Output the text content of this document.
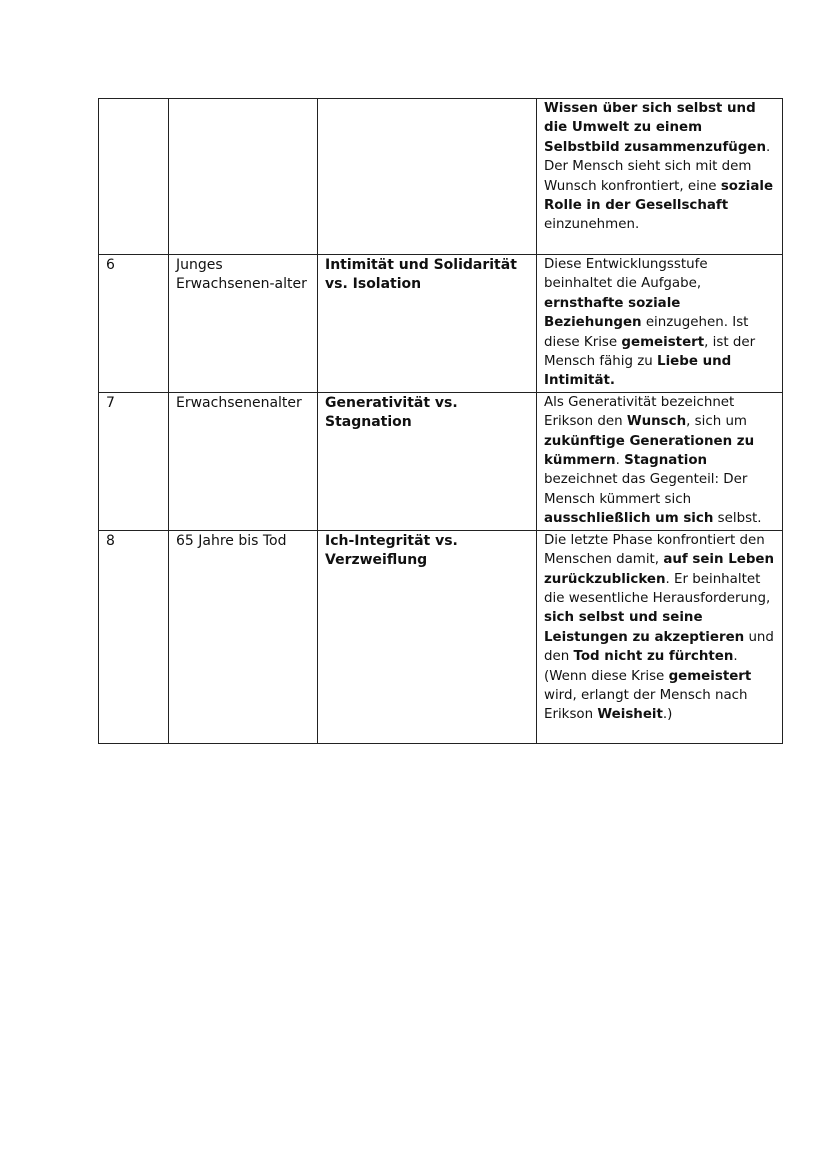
			Wissen über sich selbst und die Umwelt zu einem Selbstbild zusammenzufügen. Der Mensch sieht sich mit dem Wunsch konfrontiert, eine soziale Rolle in der Gesellschaft einzunehmen.
6	Junges Erwachsenen-alter	Intimität und Solidarität vs. Isolation	Diese Entwicklungsstufe beinhaltet die Aufgabe, ernsthafte soziale Beziehungen einzugehen. Ist diese Krise gemeistert, ist der Mensch fähig zu Liebe und Intimität.
7	Erwachsenenalter	Generativität vs. Stagnation	Als Generativität bezeichnet Erikson den Wunsch, sich um zukünftige Generationen zu kümmern. Stagnation bezeichnet das Gegenteil: Der Mensch kümmert sich ausschließlich um sich selbst.
8	65 Jahre bis Tod	Ich-Integrität vs. Verzweiflung	Die letzte Phase konfrontiert den Menschen damit, auf sein Leben zurückzublicken. Er beinhaltet die wesentliche Herausforderung, sich selbst und seine Leistungen zu akzeptieren und den Tod nicht zu fürchten. (Wenn diese Krise gemeistert wird, erlangt der Mensch nach Erikson Weisheit.)
